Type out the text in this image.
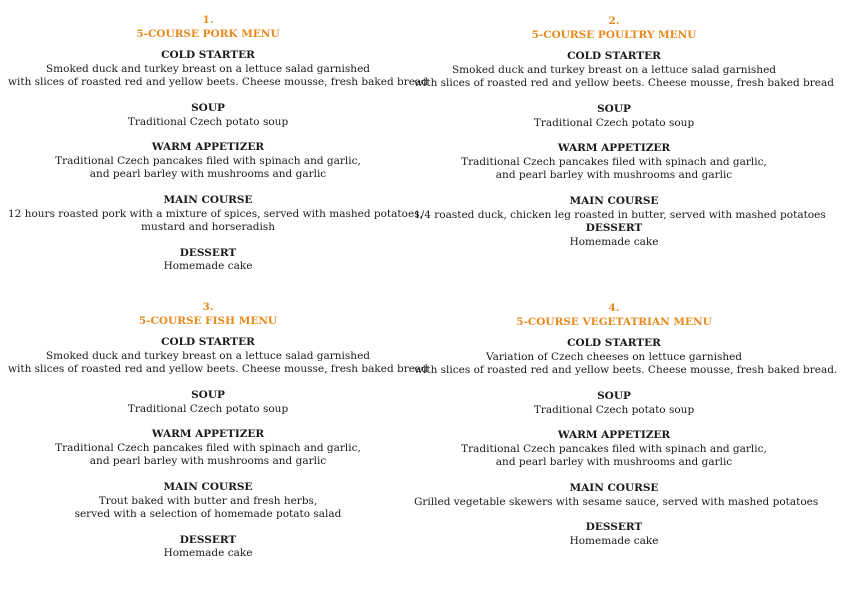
1.
5-COURSE PORK MENU
COLD STARTER
Smoked duck and turkey breast on a lettuce salad garnished
with slices of roasted red and yellow beets. Cheese mousse, fresh baked bread
SOUP
Traditional Czech potato soup
WARM APPETIZER
Traditional Czech pancakes filed with spinach and garlic,
and pearl barley with mushrooms and garlic
MAIN COURSE
12 hours roasted pork with a mixture of spices, served with mashed potatoes,
mustard and horseradish
DESSERT
Homemade cake
2.
5-COURSE POULTRY MENU
COLD STARTER
Smoked duck and turkey breast on a lettuce salad garnished
with slices of roasted red and yellow beets. Cheese mousse, fresh baked bread
SOUP
Traditional Czech potato soup
WARM APPETIZER
Traditional Czech pancakes filed with spinach and garlic,
and pearl barley with mushrooms and garlic
MAIN COURSE
1/4 roasted duck, chicken leg roasted in butter, served with mashed potatoes
DESSERT
Homemade cake
3.
5-COURSE FISH MENU
COLD STARTER
Smoked duck and turkey breast on a lettuce salad garnished
with slices of roasted red and yellow beets. Cheese mousse, fresh baked bread
SOUP
Traditional Czech potato soup
WARM APPETIZER
Traditional Czech pancakes filed with spinach and garlic,
and pearl barley with mushrooms and garlic
MAIN COURSE
Trout baked with butter and fresh herbs,
served with a selection of homemade potato salad
DESSERT
Homemade cake
4.
5-COURSE VEGETATRIAN MENU
COLD STARTER
Variation of Czech cheeses on lettuce garnished
with slices of roasted red and yellow beets. Cheese mousse, fresh baked bread.
SOUP
Traditional Czech potato soup
WARM APPETIZER
Traditional Czech pancakes filed with spinach and garlic,
and pearl barley with mushrooms and garlic
MAIN COURSE
Grilled vegetable skewers with sesame sauce, served with mashed potatoes
DESSERT
Homemade cake
